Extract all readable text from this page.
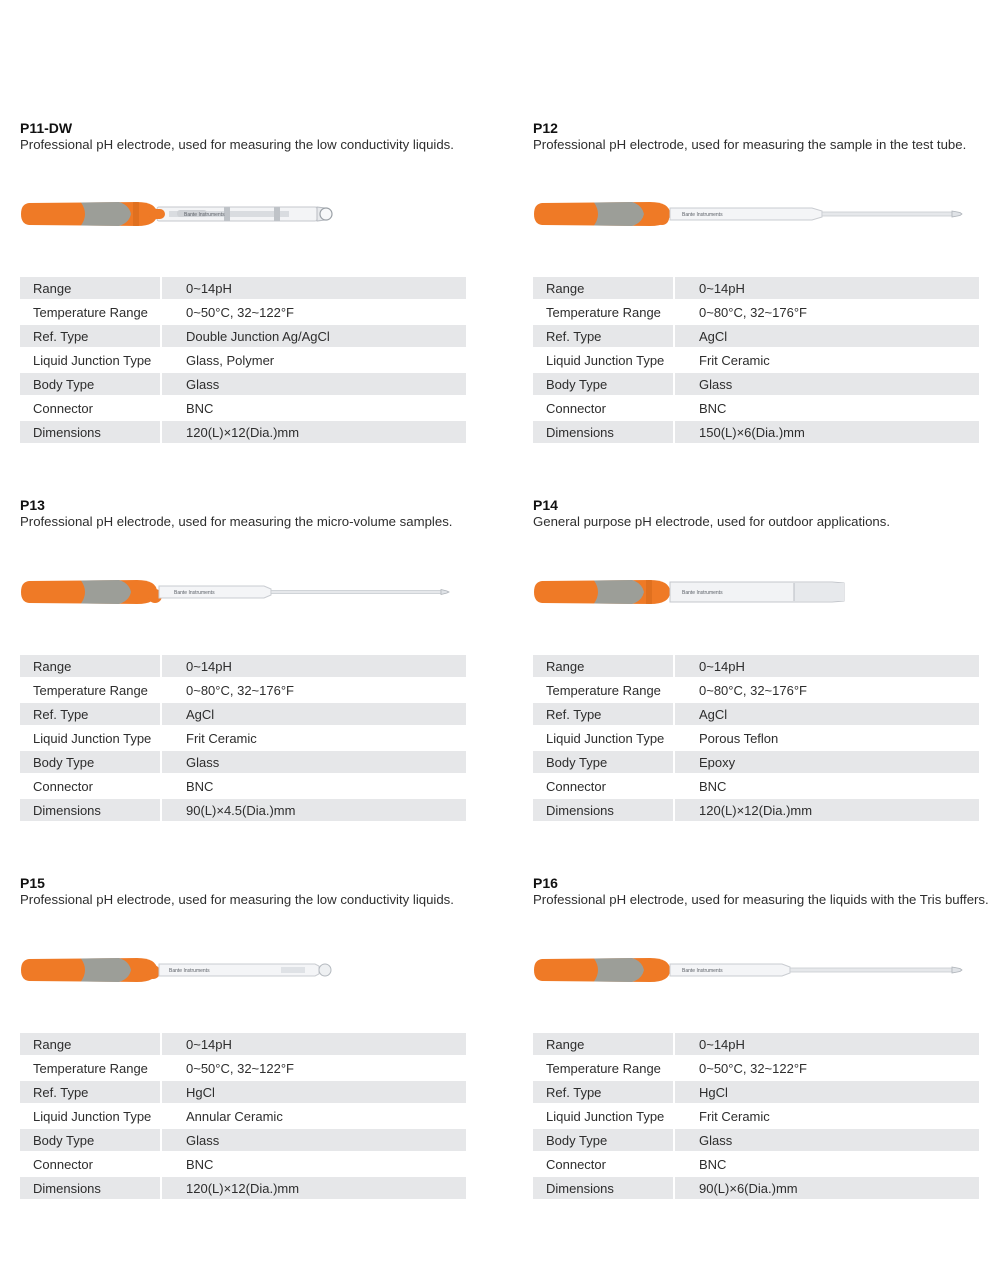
P11-DW
Professional pH electrode, used for measuring the low conductivity liquids.
Bante Instruments
Range	0~14pH
Temperature Range	0~50°C, 32~122°F
Ref. Type	Double Junction Ag/AgCl
Liquid Junction Type	Glass, Polymer
Body Type	Glass
Connector	BNC
Dimensions	120(L)×12(Dia.)mm
P12
Professional pH electrode, used for measuring the sample in the test tube.
Bante Instruments
Range	0~14pH
Temperature Range	0~80°C, 32~176°F
Ref. Type	AgCl
Liquid Junction Type	Frit Ceramic
Body Type	Glass
Connector	BNC
Dimensions	150(L)×6(Dia.)mm
P13
Professional pH electrode, used for measuring the micro-volume samples.
Bante Instruments
Range	0~14pH
Temperature Range	0~80°C, 32~176°F
Ref. Type	AgCl
Liquid Junction Type	Frit Ceramic
Body Type	Glass
Connector	BNC
Dimensions	90(L)×4.5(Dia.)mm
P14
General purpose pH electrode, used for outdoor applications.
Bante Instruments
Range	0~14pH
Temperature Range	0~80°C, 32~176°F
Ref. Type	AgCl
Liquid Junction Type	Porous Teflon
Body Type	Epoxy
Connector	BNC
Dimensions	120(L)×12(Dia.)mm
P15
Professional pH electrode, used for measuring the low conductivity liquids.
Bante Instruments
Range	0~14pH
Temperature Range	0~50°C, 32~122°F
Ref. Type	HgCl
Liquid Junction Type	Annular Ceramic
Body Type	Glass
Connector	BNC
Dimensions	120(L)×12(Dia.)mm
P16
Professional pH electrode, used for measuring the liquids with the Tris buffers.
Bante Instruments
Range	0~14pH
Temperature Range	0~50°C, 32~122°F
Ref. Type	HgCl
Liquid Junction Type	Frit Ceramic
Body Type	Glass
Connector	BNC
Dimensions	90(L)×6(Dia.)mm
